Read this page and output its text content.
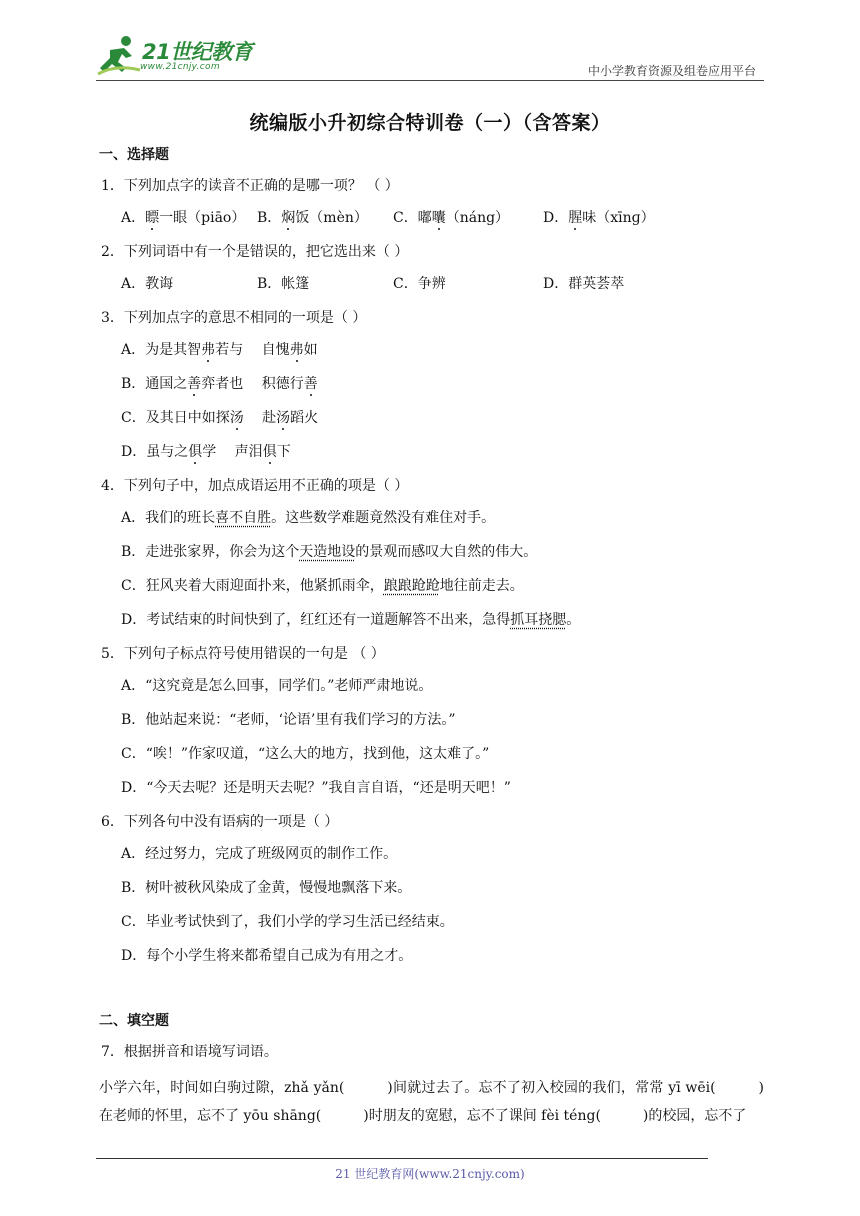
21世纪教育
www.21cnjy.com	中小学教育资源及组卷应用平台
统编版小升初综合特训卷（一）（含答案）
一、选择题
1．下列加点字的读音不正确的是哪一项？ （ ）
A．瞟一眼（piāo） B．焖饭（mèn）	C．嘟囔（náng）	D．腥味（xīnɡ）
2．下列词语中有一个是错误的，把它选出来（ ）
A．教诲	B．帐篷	C．争辨	D．群英荟萃
3．下列加点字的意思不相同的一项是（ ）
A．为是其智弗若与　 自愧弗如
B．通国之善弈者也　 积德行善
C．及其日中如探汤　 赴汤蹈火
D．虽与之俱学　 声泪俱下
4．下列句子中，加点成语运用不正确的项是（ ）
A．我们的班长喜不自胜。这些数学难题竟然没有难住对手。
B．走进张家界，你会为这个天造地设的景观而感叹大自然的伟大。
C．狂风夹着大雨迎面扑来，他紧抓雨伞，踉踉跄跄地往前走去。
D．考试结束的时间快到了，红红还有一道题解答不出来，急得抓耳挠腮。
5．下列句子标点符号使用错误的一句是 （ ）
A．“这究竟是怎么回事，同学们。”老师严肃地说。
B．他站起来说：“老师，‘论语’里有我们学习的方法。”
C．“唉！”作家叹道，“这么大的地方，找到他，这太难了。”
D．“今天去呢？还是明天去呢？”我自言自语，“还是明天吧！”
6．下列各句中没有语病的一项是（ ）
A．经过努力，完成了班级网页的制作工作。
B．树叶被秋风染成了金黄，慢慢地飘落下来。
C．毕业考试快到了，我们小学的学习生活已经结束。
D．每个小学生将来都希望自己成为有用之才。
二、填空题
7．根据拼音和语境写词语。
小学六年，时间如白驹过隙，zhǎ yǎn(　　　)间就过去了。忘不了初入校园的我们，常常 yī wēi(　　　)在老师的怀里，忘不了 yōu shāng(　　　)时朋友的宽慰，忘不了课间 fèi téng(　　　)的校园，忘不了
21 世纪教育网(www.21cnjy.com)
